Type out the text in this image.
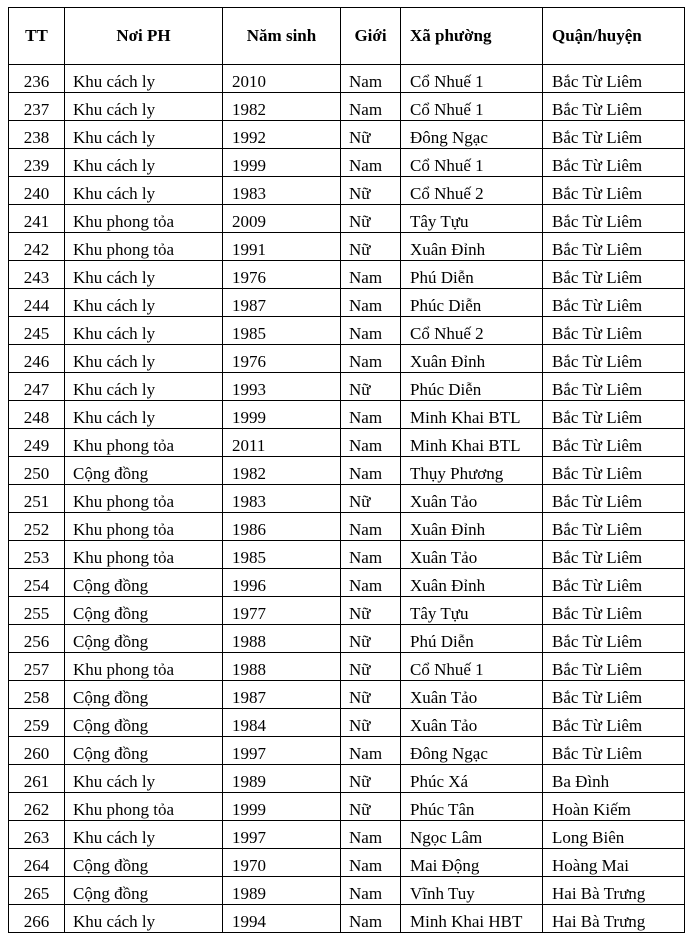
TT	Nơi PH	Năm sinh	Giới	Xã phường	Quận/huyện
236	Khu cách ly	2010	Nam	Cổ Nhuế 1	Bắc Từ Liêm
237	Khu cách ly	1982	Nam	Cổ Nhuế 1	Bắc Từ Liêm
238	Khu cách ly	1992	Nữ	Đông Ngạc	Bắc Từ Liêm
239	Khu cách ly	1999	Nam	Cổ Nhuế 1	Bắc Từ Liêm
240	Khu cách ly	1983	Nữ	Cổ Nhuế 2	Bắc Từ Liêm
241	Khu phong tỏa	2009	Nữ	Tây Tựu	Bắc Từ Liêm
242	Khu phong tỏa	1991	Nữ	Xuân Đỉnh	Bắc Từ Liêm
243	Khu cách ly	1976	Nam	Phú Diễn	Bắc Từ Liêm
244	Khu cách ly	1987	Nam	Phúc Diễn	Bắc Từ Liêm
245	Khu cách ly	1985	Nam	Cổ Nhuế 2	Bắc Từ Liêm
246	Khu cách ly	1976	Nam	Xuân Đỉnh	Bắc Từ Liêm
247	Khu cách ly	1993	Nữ	Phúc Diễn	Bắc Từ Liêm
248	Khu cách ly	1999	Nam	Minh Khai BTL	Bắc Từ Liêm
249	Khu phong tỏa	2011	Nam	Minh Khai BTL	Bắc Từ Liêm
250	Cộng đồng	1982	Nam	Thụy Phương	Bắc Từ Liêm
251	Khu phong tỏa	1983	Nữ	Xuân Tảo	Bắc Từ Liêm
252	Khu phong tỏa	1986	Nam	Xuân Đỉnh	Bắc Từ Liêm
253	Khu phong tỏa	1985	Nam	Xuân Tảo	Bắc Từ Liêm
254	Cộng đồng	1996	Nam	Xuân Đỉnh	Bắc Từ Liêm
255	Cộng đồng	1977	Nữ	Tây Tựu	Bắc Từ Liêm
256	Cộng đồng	1988	Nữ	Phú Diễn	Bắc Từ Liêm
257	Khu phong tỏa	1988	Nữ	Cổ Nhuế 1	Bắc Từ Liêm
258	Cộng đồng	1987	Nữ	Xuân Tảo	Bắc Từ Liêm
259	Cộng đồng	1984	Nữ	Xuân Tảo	Bắc Từ Liêm
260	Cộng đồng	1997	Nam	Đông Ngạc	Bắc Từ Liêm
261	Khu cách ly	1989	Nữ	Phúc Xá	Ba Đình
262	Khu phong tỏa	1999	Nữ	Phúc Tân	Hoàn Kiếm
263	Khu cách ly	1997	Nam	Ngọc Lâm	Long Biên
264	Cộng đồng	1970	Nam	Mai Động	Hoàng Mai
265	Cộng đồng	1989	Nam	Vĩnh Tuy	Hai Bà Trưng
266	Khu cách ly	1994	Nam	Minh Khai HBT	Hai Bà Trưng
